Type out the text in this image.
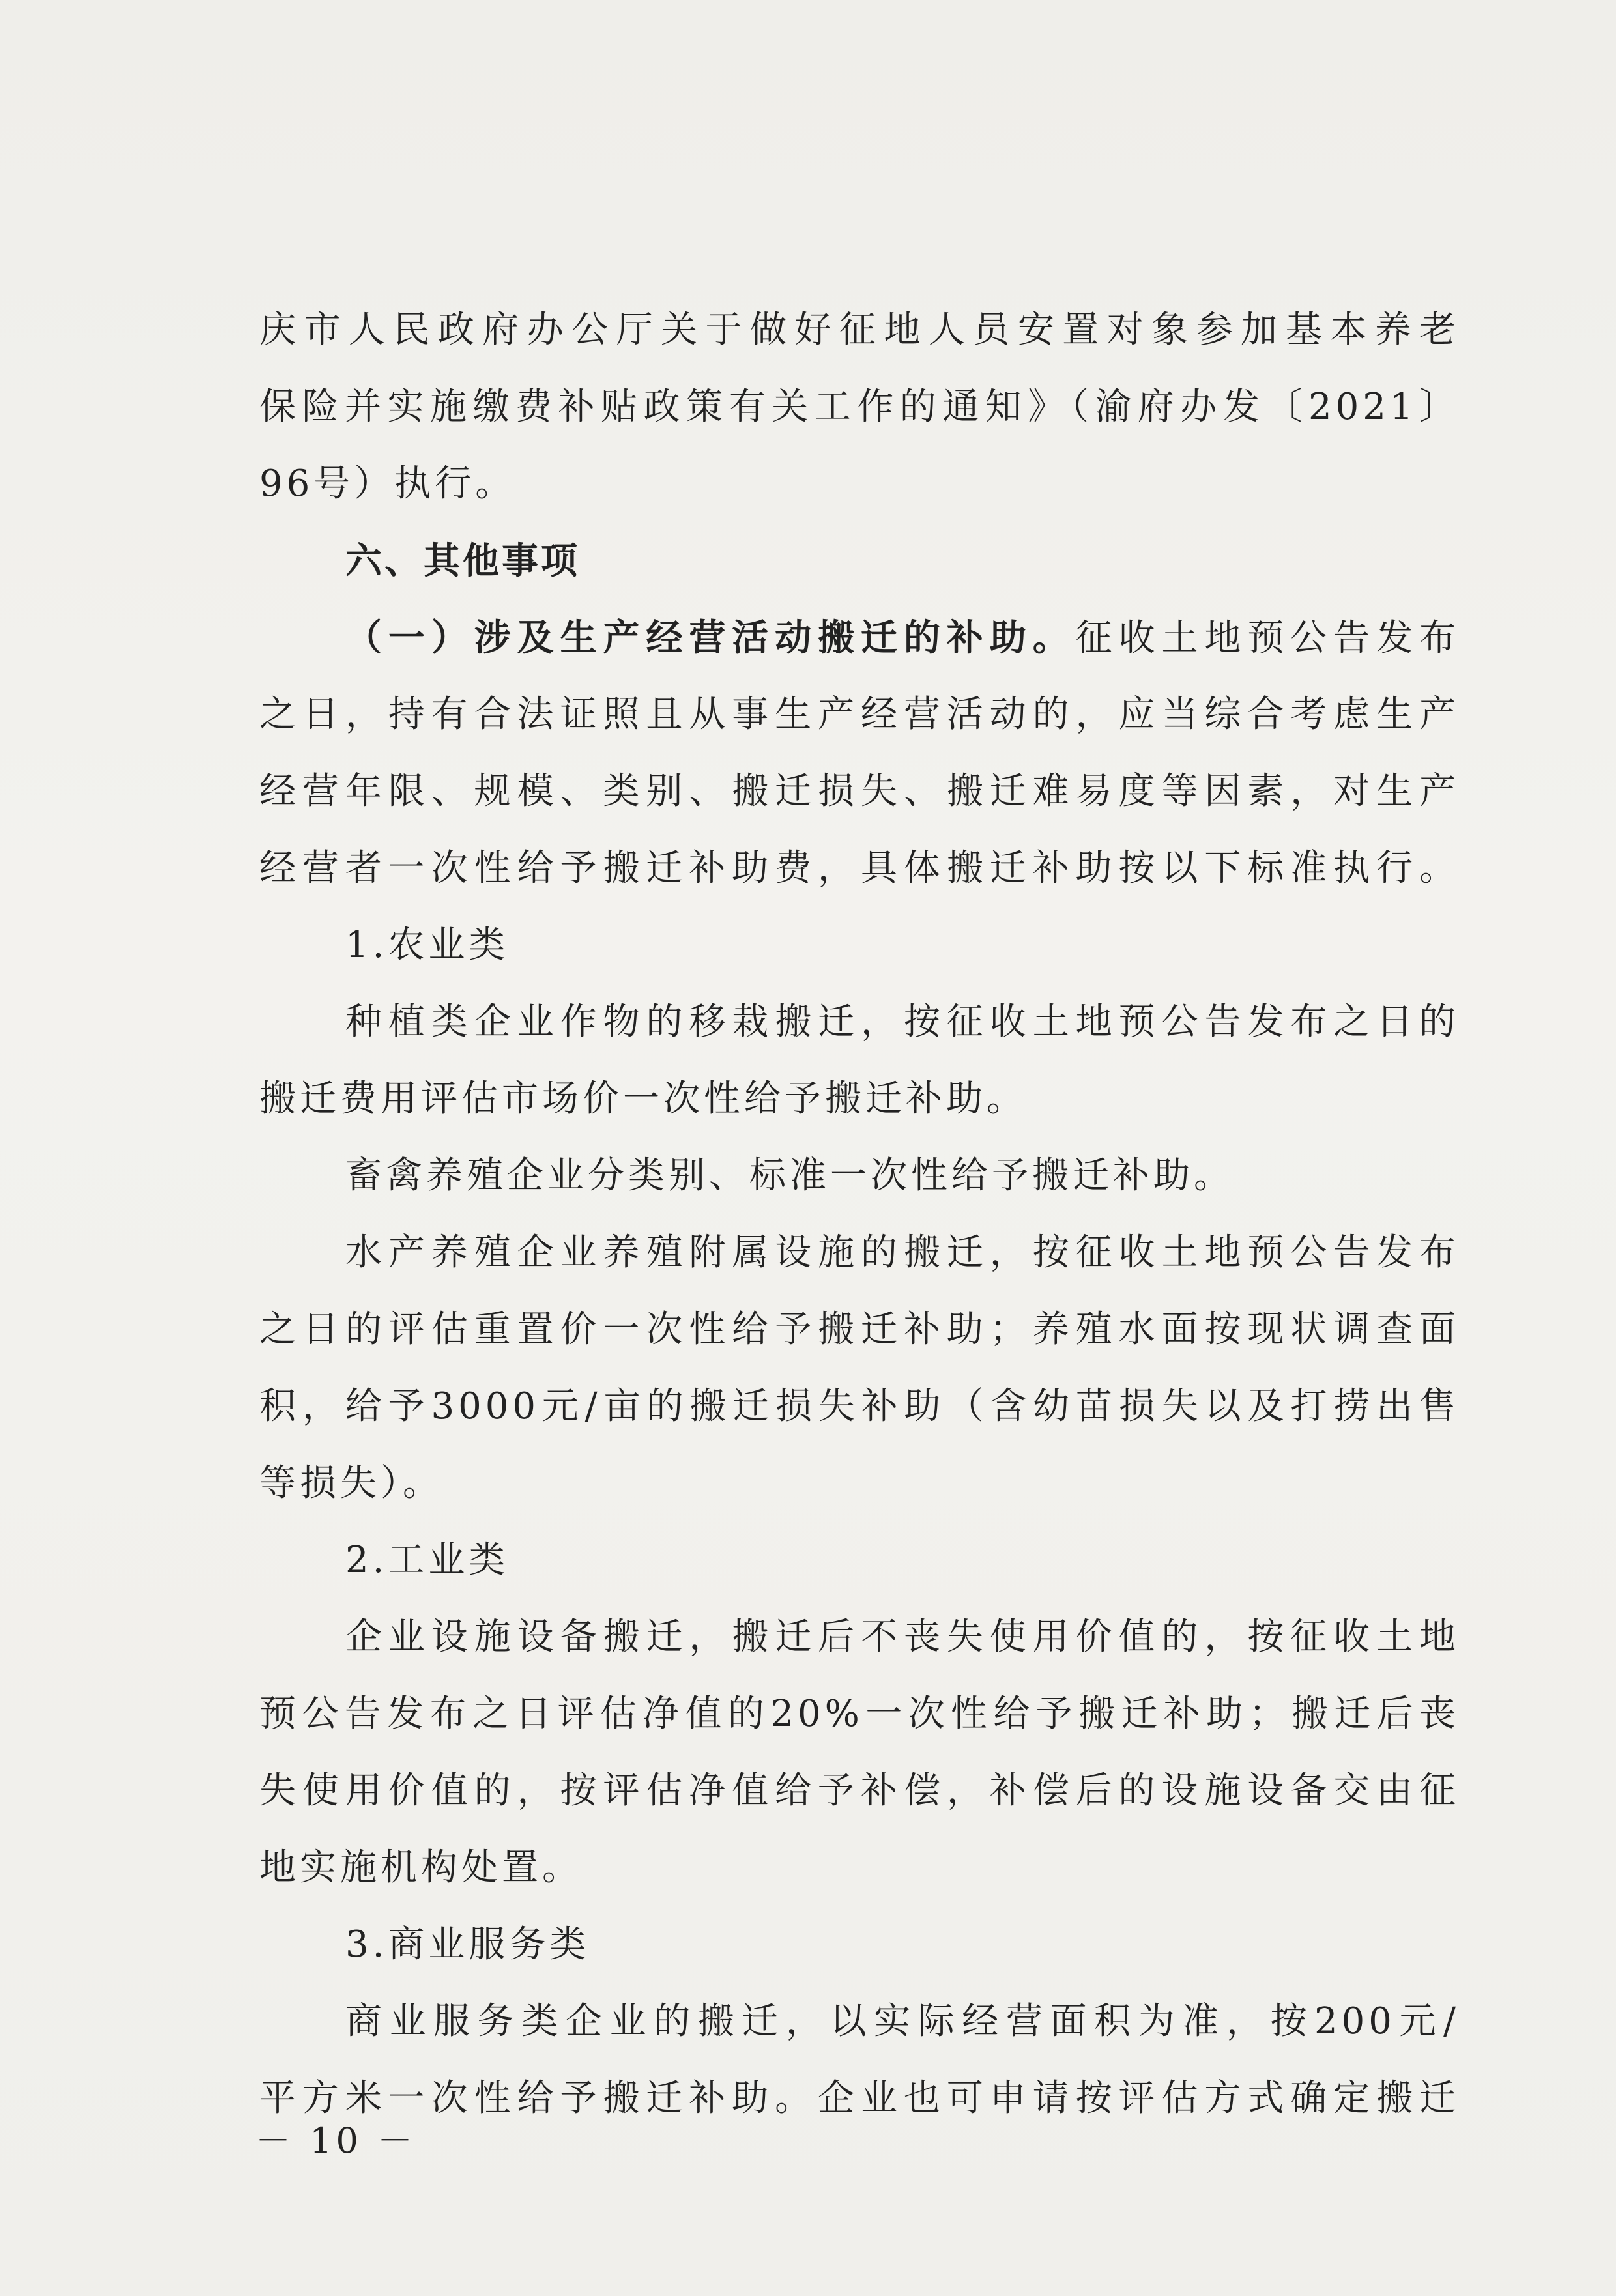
庆市人民政府办公厅关于做好征地人员安置对象参加基本养老
保险并实施缴费补贴政策有关工作的通知》（渝府办发〔2021〕
96号）执行。
六、其他事项
（一）涉及生产经营活动搬迁的补助。征收土地预公告发布
之日，持有合法证照且从事生产经营活动的，应当综合考虑生产
经营年限、规模、类别、搬迁损失、搬迁难易度等因素，对生产
经营者一次性给予搬迁补助费，具体搬迁补助按以下标准执行。
1.农业类
种植类企业作物的移栽搬迁，按征收土地预公告发布之日的
搬迁费用评估市场价一次性给予搬迁补助。
畜禽养殖企业分类别、标准一次性给予搬迁补助。
水产养殖企业养殖附属设施的搬迁，按征收土地预公告发布
之日的评估重置价一次性给予搬迁补助；养殖水面按现状调查面
积，给予3000元/亩的搬迁损失补助（含幼苗损失以及打捞出售
等损失）。
2.工业类
企业设施设备搬迁，搬迁后不丧失使用价值的，按征收土地
预公告发布之日评估净值的20%一次性给予搬迁补助；搬迁后丧
失使用价值的，按评估净值给予补偿，补偿后的设施设备交由征
地实施机构处置。
3.商业服务类
商业服务类企业的搬迁，以实际经营面积为准，按200元/
平方米一次性给予搬迁补助。企业也可申请按评估方式确定搬迁
－ 10 －
